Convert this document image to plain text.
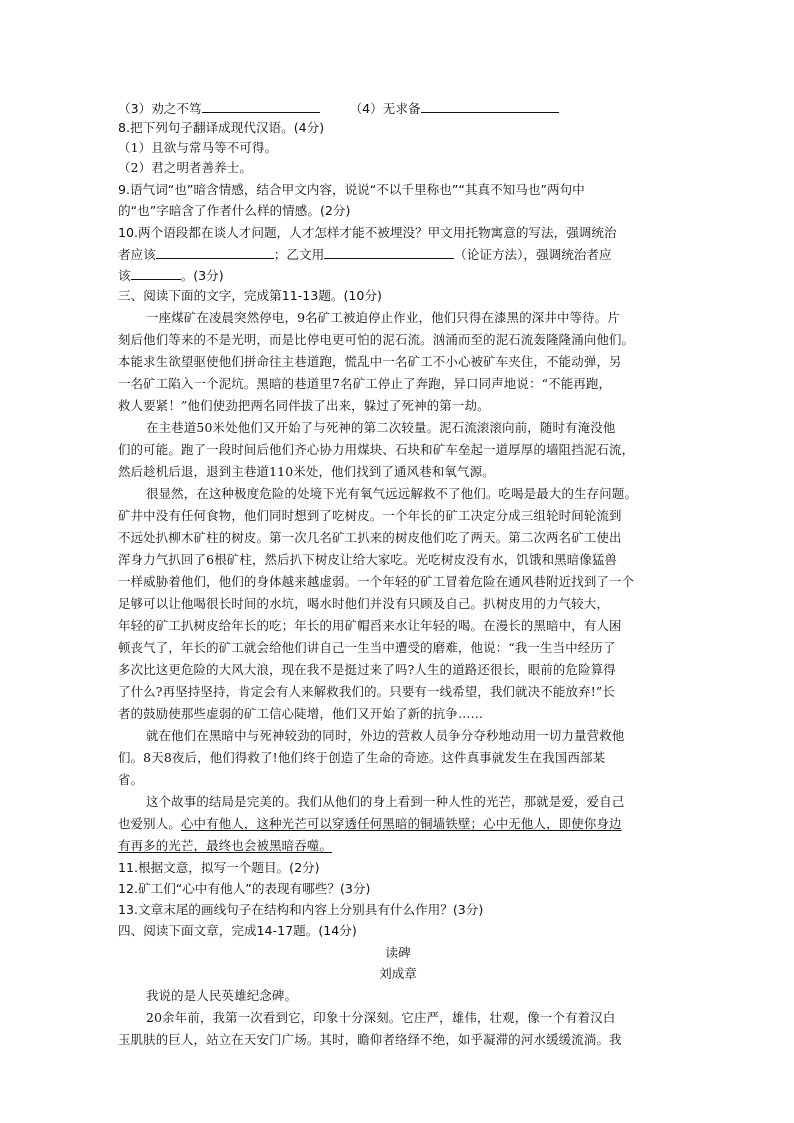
（3）劝之不笃	（4）无求备
8.把下列句子翻译成现代汉语。(4分)
（1）且欲与常马等不可得。
（2）君之明者善养士。
9.语气词“也”暗含情感，结合甲文内容，说说“不以千里称也”“其真不知马也”两句中
的“也”字暗含了作者什么样的情感。(2分)
10.两个语段都在谈人才问题，人才怎样才能不被埋没？甲文用托物寓意的写法，强调统治
者应该	；乙文用	（论证方法），强调统治者应
该	。(3分)
三、阅读下面的文字，完成第11-13题。(10分)
一座煤矿在凌晨突然停电，9名矿工被迫停止作业，他们只得在漆黑的深井中等待。片
刻后他们等来的不是光明，而是比停电更可怕的泥石流。汹涌而至的泥石流轰隆隆涌向他们。
本能求生欲望驱使他们拼命往主巷道跑，慌乱中一名矿工不小心被矿车夹住，不能动弹，另
一名矿工陷入一个泥坑。黑暗的巷道里7名矿工停止了奔跑，异口同声地说：“不能再跑，
救人要紧！”他们使劲把两名同伴拔了出来，躲过了死神的第一劫。
在主巷道50米处他们又开始了与死神的第二次较量。泥石流滚滚向前，随时有淹没他
们的可能。跑了一段时间后他们齐心协力用煤块、石块和矿车垒起一道厚厚的墙阻挡泥石流，
然后趁机后退，退到主巷道110米处，他们找到了通风巷和氧气源。
很显然，在这种极度危险的处境下光有氧气远远解救不了他们。吃喝是最大的生存问题。
矿井中没有任何食物，他们同时想到了吃树皮。一个年长的矿工决定分成三组轮时间轮流到
不远处扒柳木矿柱的树皮。第一次几名矿工扒来的树皮他们吃了两天。第二次两名矿工使出
浑身力气扒回了6根矿柱，然后扒下树皮让给大家吃。光吃树皮没有水，饥饿和黑暗像猛兽
一样威胁着他们，他们的身体越来越虚弱。一个年轻的矿工冒着危险在通风巷附近找到了一个
足够可以让他喝很长时间的水坑，喝水时他们并没有只顾及自己。扒树皮用的力气较大，
年轻的矿工扒树皮给年长的吃；年长的用矿帽舀来水让年轻的喝。在漫长的黑暗中，有人困
顿丧气了，年长的矿工就会给他们讲自己一生当中遭受的磨难，他说：“我一生当中经历了
多次比这更危险的大风大浪，现在我不是挺过来了吗?人生的道路还很长，眼前的危险算得
了什么?再坚持坚持，肯定会有人来解救我们的。只要有一线希望，我们就决不能放弃!”长
者的鼓励使那些虚弱的矿工信心陡增，他们又开始了新的抗争……
就在他们在黑暗中与死神较劲的同时，外边的营救人员争分夺秒地动用一切力量营救他
们。8天8夜后，他们得救了!他们终于创造了生命的奇迹。这件真事就发生在我国西部某
省。
这个故事的结局是完美的。我们从他们的身上看到一种人性的光芒，那就是爱，爱自己
也爱别人。心中有他人，这种光芒可以穿透任何黑暗的铜墙铁壁；心中无他人，即使你身边
有再多的光芒，最终也会被黑暗吞噬。
11.根据文意，拟写一个题目。(2分)
12.矿工们“心中有他人”的表现有哪些？(3分)
13.文章末尾的画线句子在结构和内容上分别具有什么作用？(3分)
四、阅读下面文章，完成14-17题。(14分)
读碑
刘成章
我说的是人民英雄纪念碑。
20余年前，我第一次看到它，印象十分深刻。它庄严，雄伟，壮观，像一个有着汉白
玉肌肤的巨人，站立在天安门广场。其时，瞻仰者络绎不绝，如乎凝滞的河水缓缓流淌。我
